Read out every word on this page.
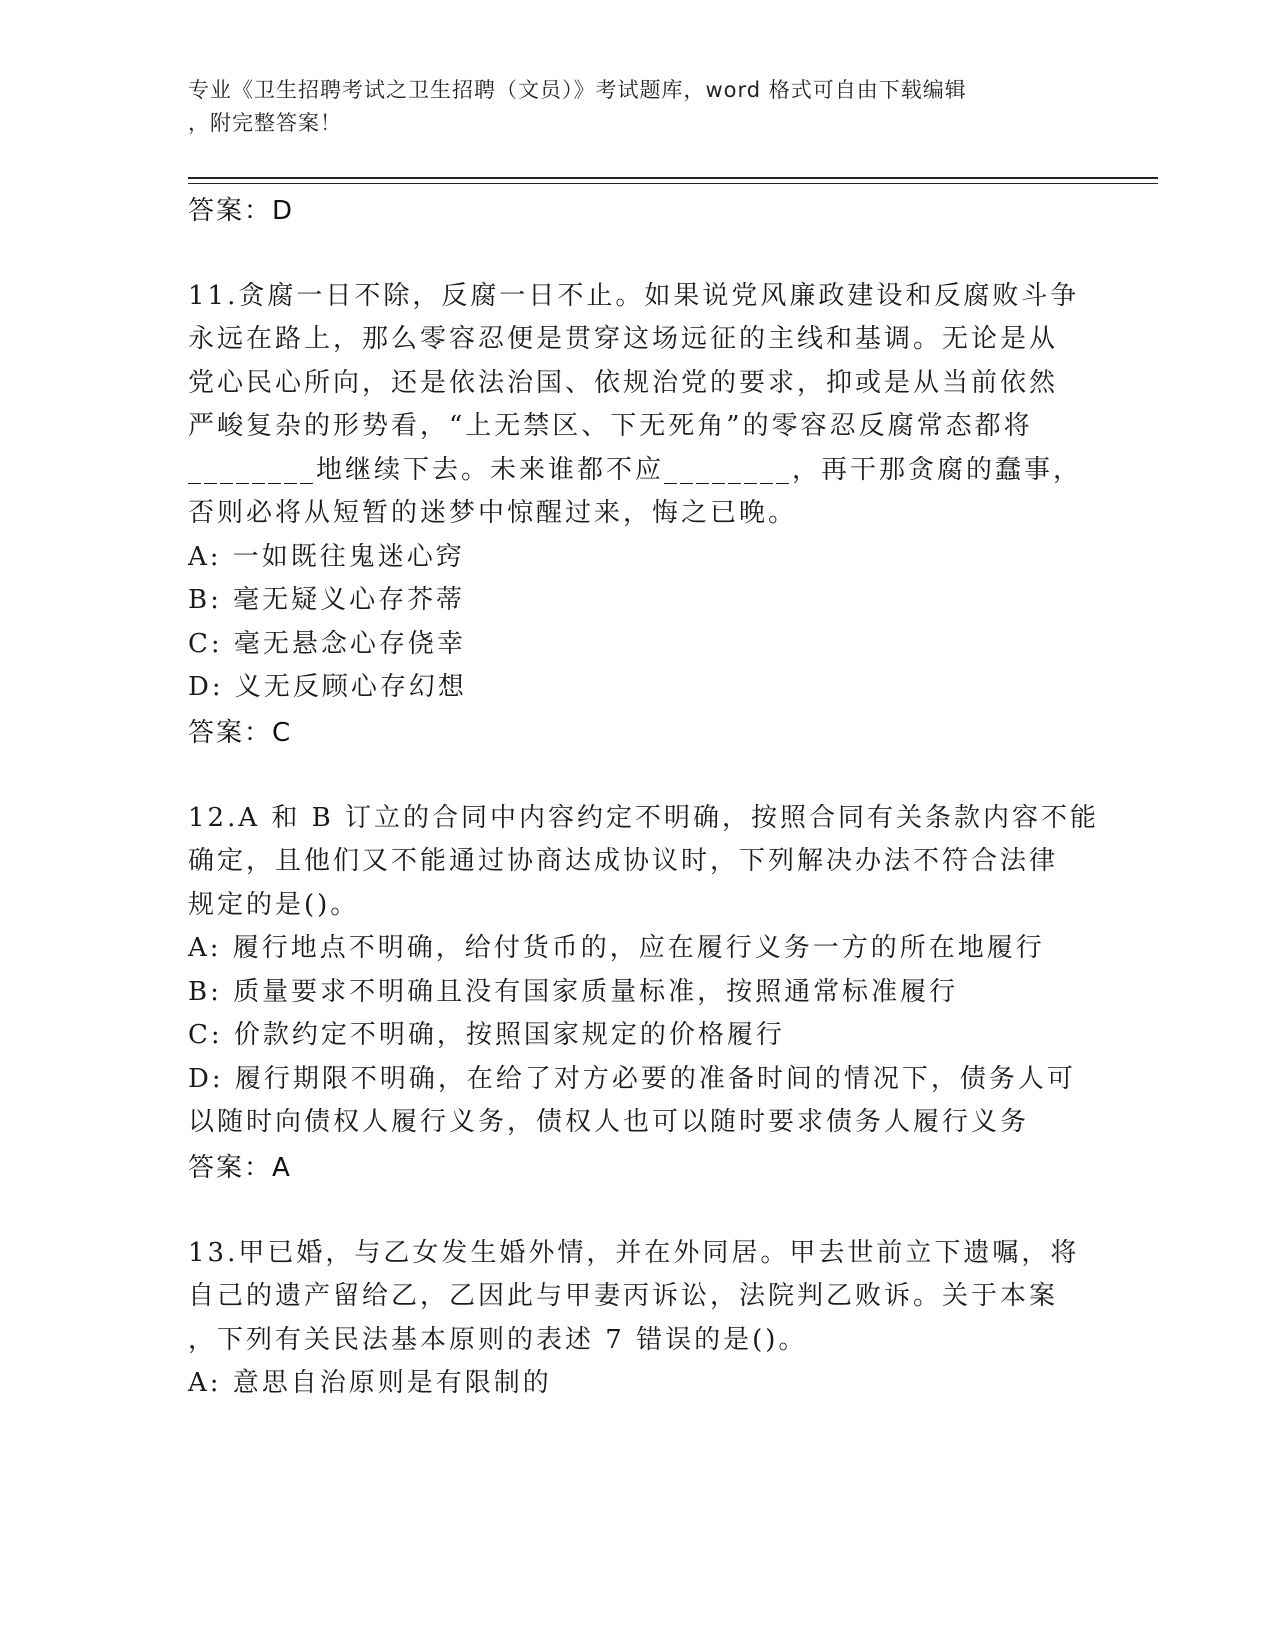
专业《卫生招聘考试之卫生招聘（文员）》考试题库，word 格式可自由下载编辑
，附完整答案！
答案：D
11.贪腐一日不除，反腐一日不止。如果说党风廉政建设和反腐败斗争
永远在路上，那么零容忍便是贯穿这场远征的主线和基调。无论是从
党心民心所向，还是依法治国、依规治党的要求，抑或是从当前依然
严峻复杂的形势看，“上无禁区、下无死角”的零容忍反腐常态都将
________地继续下去。未来谁都不应________，再干那贪腐的蠢事，
否则必将从短暂的迷梦中惊醒过来，悔之已晚。
A: 一如既往鬼迷心窍
B: 毫无疑义心存芥蒂
C: 毫无悬念心存侥幸
D: 义无反顾心存幻想
答案：C
12.A 和 B 订立的合同中内容约定不明确，按照合同有关条款内容不能
确定，且他们又不能通过协商达成协议时，下列解决办法不符合法律
规定的是()。
A: 履行地点不明确，给付货币的，应在履行义务一方的所在地履行
B: 质量要求不明确且没有国家质量标准，按照通常标准履行
C: 价款约定不明确，按照国家规定的价格履行
D: 履行期限不明确，在给了对方必要的准备时间的情况下，债务人可
以随时向债权人履行义务，债权人也可以随时要求债务人履行义务
答案：A
13.甲已婚，与乙女发生婚外情，并在外同居。甲去世前立下遗嘱，将
自己的遗产留给乙，乙因此与甲妻丙诉讼，法院判乙败诉。关于本案
，下列有关民法基本原则的表述 7 错误的是()。
A: 意思自治原则是有限制的
